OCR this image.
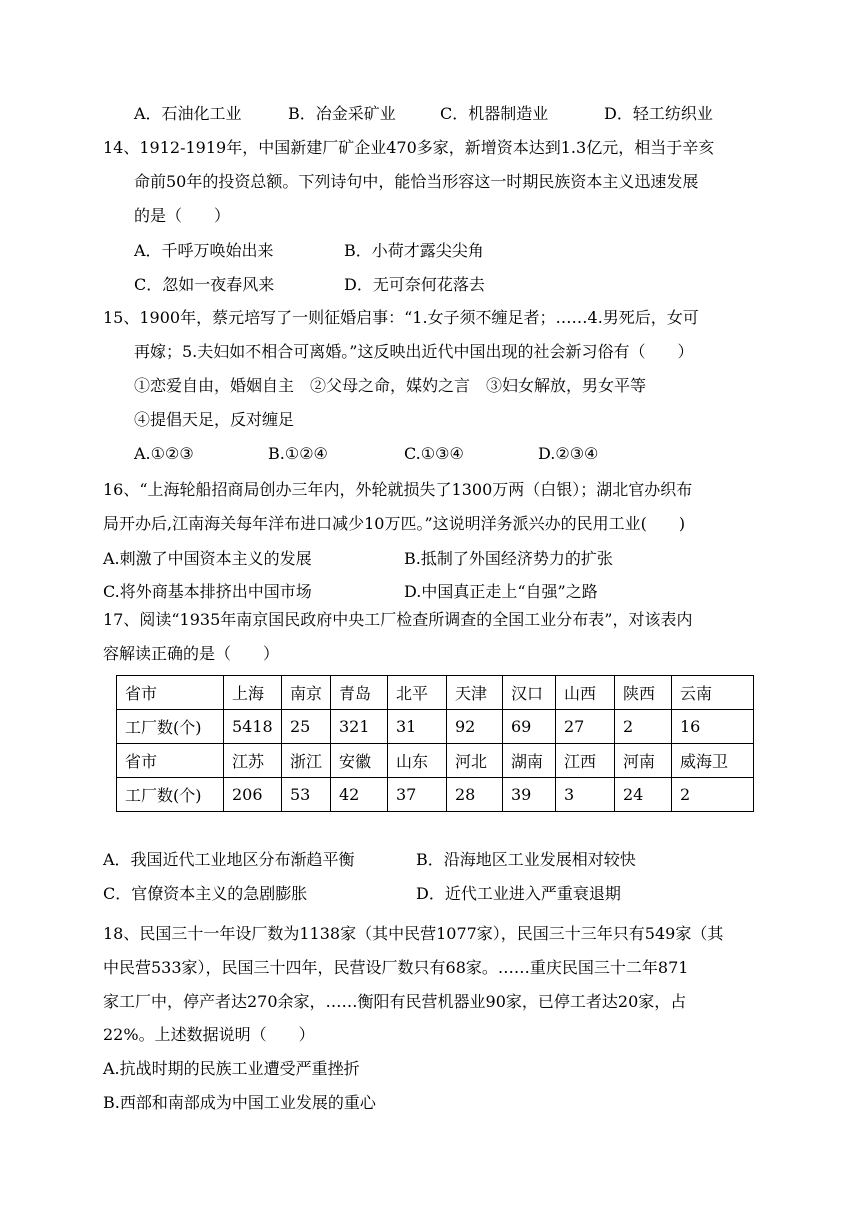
A．石油化工业	B．冶金采矿业	C．机器制造业	D．轻工纺织业
14、1912-1919年，中国新建厂矿企业470多家，新增资本达到1.3亿元，相当于辛亥
命前50年的投资总额。下列诗句中，能恰当形容这一时期民族资本主义迅速发展
的是（　　）
A．千呼万唤始出来	B．小荷才露尖尖角
C．忽如一夜春风来	D．无可奈何花落去
15、1900年，蔡元培写了一则征婚启事：“1.女子须不缠足者；……4.男死后，女可
再嫁；5.夫妇如不相合可离婚。”这反映出近代中国出现的社会新习俗有（　　）
①恋爱自由，婚姻自主　②父母之命，媒妁之言　③妇女解放，男女平等
④提倡天足，反对缠足
A.①②③	B.①②④	C.①③④	D.②③④
16、“上海轮船招商局创办三年内，外轮就损失了1300万两（白银）；湖北官办织布
局开办后,江南海关每年洋布进口减少10万匹。”这说明洋务派兴办的民用工业(　　)
A.刺激了中国资本主义的发展	B.抵制了外国经济势力的扩张
C.将外商基本排挤出中国市场	D.中国真正走上“自强”之路
17、阅读“1935年南京国民政府中央工厂检查所调查的全国工业分布表”，对该表内
容解读正确的是（　　）
省市	上海	南京	青岛	北平	天津	汉口	山西	陕西	云南
工厂数(个)	5418	25	321	31	92	69	27	2	16
省市	江苏	浙江	安徽	山东	河北	湖南	江西	河南	威海卫
工厂数(个)	206	53	42	37	28	39	3	24	2
A．我国近代工业地区分布渐趋平衡	B．沿海地区工业发展相对较快
C．官僚资本主义的急剧膨胀	D．近代工业进入严重衰退期
18、民国三十一年设厂数为1138家（其中民营1077家），民国三十三年只有549家（其
中民营533家），民国三十四年，民营设厂数只有68家。……重庆民国三十二年871
家工厂中，停产者达270余家，……衡阳有民营机器业90家，已停工者达20家，占
22%。上述数据说明（　　）
A.抗战时期的民族工业遭受严重挫折
B.西部和南部成为中国工业发展的重心
